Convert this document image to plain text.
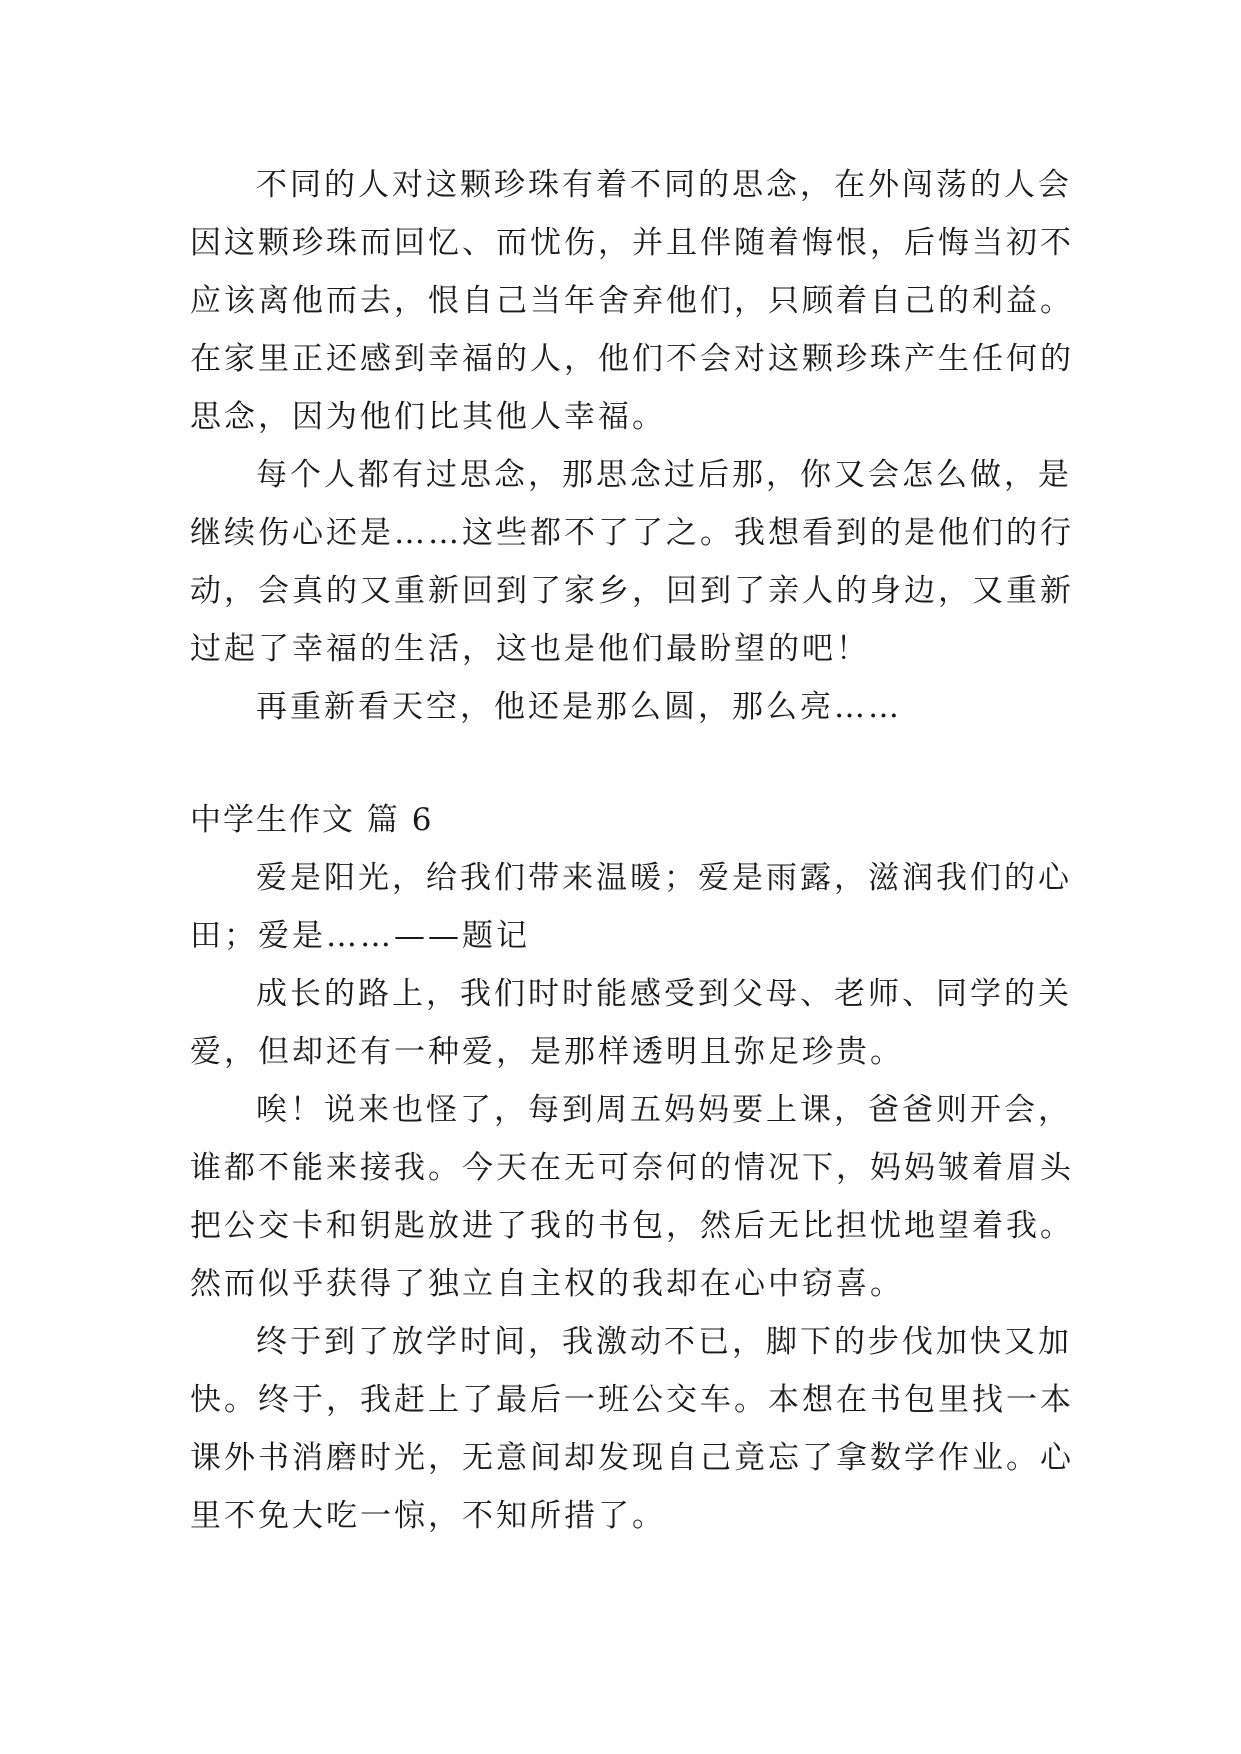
不同的人对这颗珍珠有着不同的思念，在外闯荡的人会
因这颗珍珠而回忆、而忧伤，并且伴随着悔恨，后悔当初不
应该离他而去，恨自己当年舍弃他们，只顾着自己的利益。
在家里正还感到幸福的人，他们不会对这颗珍珠产生任何的
思念，因为他们比其他人幸福。
每个人都有过思念，那思念过后那，你又会怎么做，是
继续伤心还是……这些都不了了之。我想看到的是他们的行
动，会真的又重新回到了家乡，回到了亲人的身边，又重新
过起了幸福的生活，这也是他们最盼望的吧！
再重新看天空，他还是那么圆，那么亮……
中学生作文 篇 6
爱是阳光，给我们带来温暖；爱是雨露，滋润我们的心
田；爱是……——题记
成长的路上，我们时时能感受到父母、老师、同学的关
爱，但却还有一种爱，是那样透明且弥足珍贵。
唉！说来也怪了，每到周五妈妈要上课，爸爸则开会，
谁都不能来接我。今天在无可奈何的情况下，妈妈皱着眉头
把公交卡和钥匙放进了我的书包，然后无比担忧地望着我。
然而似乎获得了独立自主权的我却在心中窃喜。
终于到了放学时间，我激动不已，脚下的步伐加快又加
快。终于，我赶上了最后一班公交车。本想在书包里找一本
课外书消磨时光，无意间却发现自己竟忘了拿数学作业。心
里不免大吃一惊，不知所措了。
